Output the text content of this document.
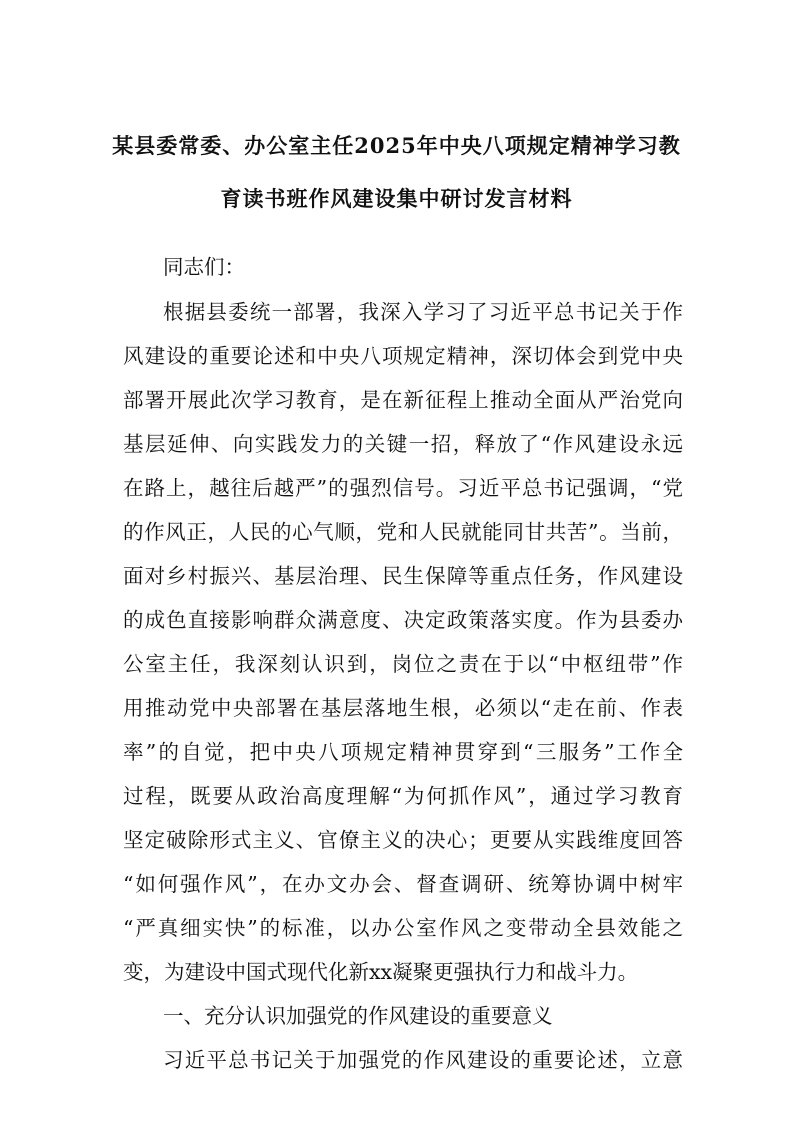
某县委常委、办公室主任2025年中央八项规定精神学习教
育读书班作风建设集中研讨发言材料
同志们：
根据县委统一部署，我深入学习了习近平总书记关于作
风建设的重要论述和中央八项规定精神，深切体会到党中央
部署开展此次学习教育，是在新征程上推动全面从严治党向
基层延伸、向实践发力的关键一招，释放了“作风建设永远
在路上，越往后越严”的强烈信号。习近平总书记强调，“党
的作风正，人民的心气顺，党和人民就能同甘共苦”。当前，
面对乡村振兴、基层治理、民生保障等重点任务，作风建设
的成色直接影响群众满意度、决定政策落实度。作为县委办
公室主任，我深刻认识到，岗位之责在于以“中枢纽带”作
用推动党中央部署在基层落地生根，必须以“走在前、作表
率”的自觉，把中央八项规定精神贯穿到“三服务”工作全
过程，既要从政治高度理解“为何抓作风”，通过学习教育
坚定破除形式主义、官僚主义的决心；更要从实践维度回答
“如何强作风”，在办文办会、督查调研、统筹协调中树牢
“严真细实快”的标准，以办公室作风之变带动全县效能之
变，为建设中国式现代化新xx凝聚更强执行力和战斗力。
一、充分认识加强党的作风建设的重要意义
习近平总书记关于加强党的作风建设的重要论述，立意
